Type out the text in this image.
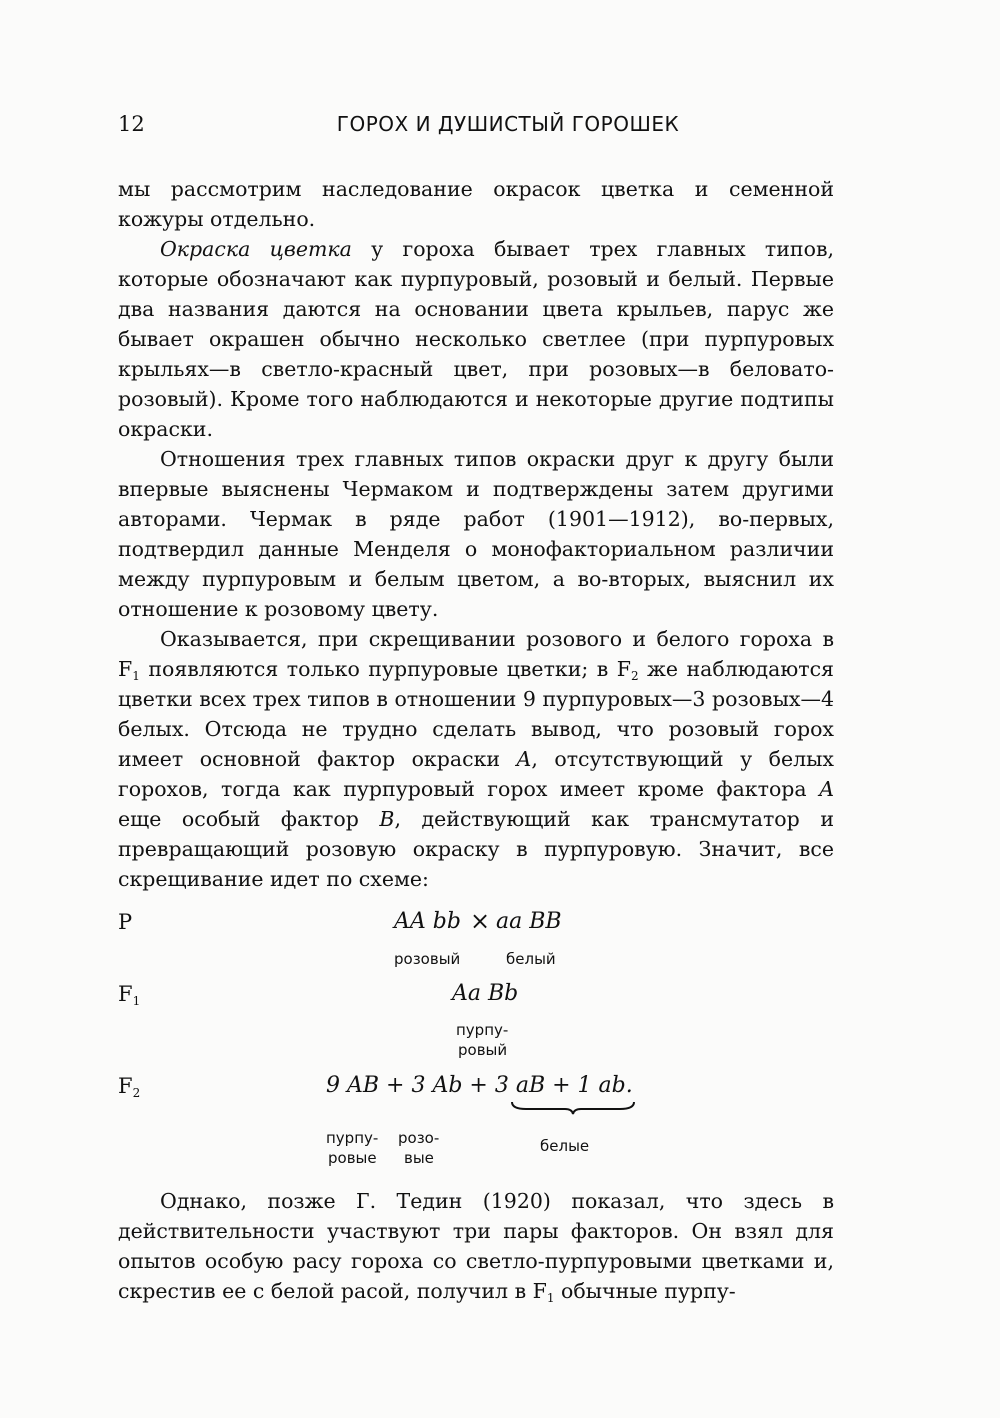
12	ГОРОХ И ДУШИСТЫЙ ГОРОШЕК

мы рассмотрим наследование окрасок цветка и семенной кожуры отдельно.

Окраска цветка у гороха бывает трех главных типов, которые обозначают как пурпуровый, розовый и белый. Первые два названия даются на основании цвета крыльев, парус же бывает окрашен обычно несколько светлее (при пурпуровых крыльях—в светло-красный цвет, при розовых—в беловато-розовый). Кроме того наблюдаются и некоторые другие подтипы окраски.

Отношения трех главных типов окраски друг к другу были впервые выяснены Чермаком и подтверждены затем другими авторами. Чермак в ряде работ (1901—1912), во-первых, подтвердил данные Менделя о монофакториальном различии между пурпуровым и белым цветом, а во-вторых, выяснил их отношение к розовому цвету.

Оказывается, при скрещивании розового и белого гороха в $F_1$ появляются только пурпуровые цветки; в $F_2$ же наблюдаются цветки всех трех типов в отношении 9 пурпуровых—3 розовых—4 белых. Отсюда не трудно сделать вывод, что розовый горох имеет основной фактор окраски A, отсутствующий у белых горохов, тогда как пурпуровый горох имеет кроме фактора A еще особый фактор B, действующий как трансмутатор и превращающий розовую окраску в пурпуровую. Значит, все скрещивание идет по схеме:

P	AA bb × aa BB
розовый	белый
$F_1$	Aa Bb
пурпу-
ровый
$F_2$	9 AB + 3 Ab + 3 aB + 1 ab.
пурпу-
ровые
розо-
вые
белые

Однако, позже Г. Тедин (1920) показал, что здесь в действительности участвуют три пары факторов. Он взял для опытов особую расу гороха со светло-пурпуровыми цветками и, скрестив ее с белой расой, получил в $F_1$ обычные пурпу-
